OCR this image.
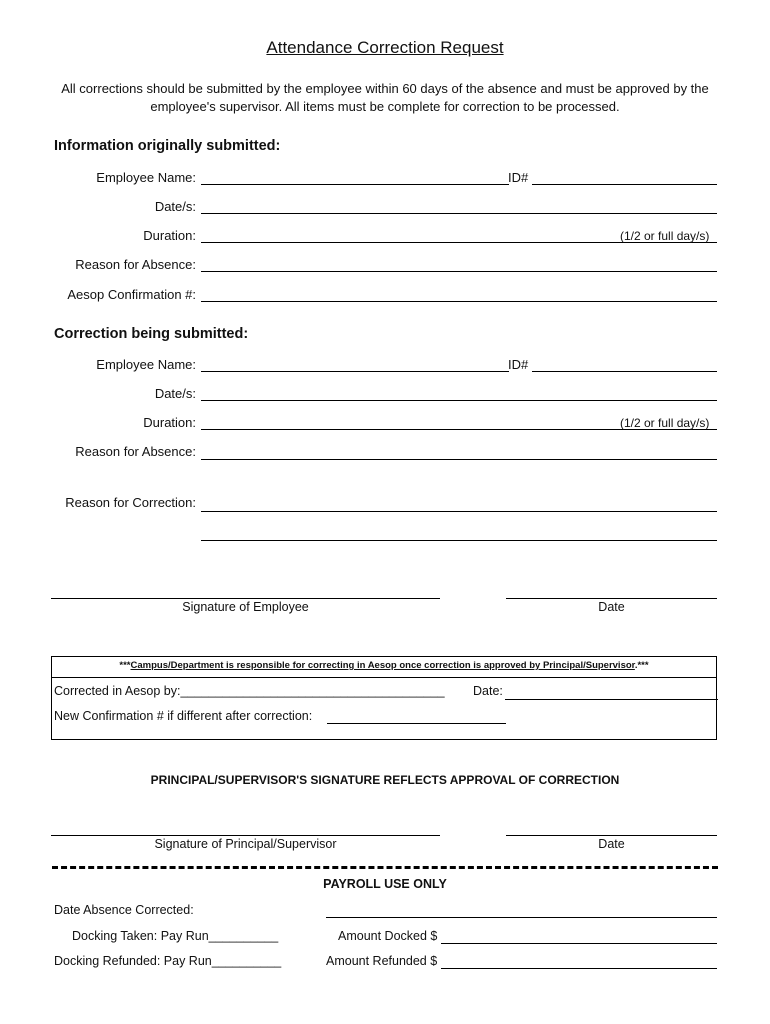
Attendance Correction Request
All corrections should be submitted by the employee within 60 days of the absence and must be approved by the employee's supervisor. All items must be complete for correction to be processed.
Information originally submitted:
Employee Name:	ID#
Date/s:
Duration:	(1/2 or full day/s)
Reason for Absence:
Aesop Confirmation #:
Correction being submitted:
Employee Name:	ID#
Date/s:
Duration:	(1/2 or full day/s)
Reason for Absence:
Reason for Correction:
Signature of Employee	Date
***Campus/Department is responsible for correcting in Aesop once correction is approved by Principal/Supervisor.***
Corrected in Aesop by:______________________________________ Date:
New Confirmation # if different after correction:
PRINCIPAL/SUPERVISOR'S SIGNATURE REFLECTS APPROVAL OF CORRECTION
Signature of Principal/Supervisor	Date
PAYROLL USE ONLY
Date Absence Corrected:
Docking Taken: Pay Run__________	Amount Docked $
Docking Refunded: Pay Run__________	Amount Refunded $
